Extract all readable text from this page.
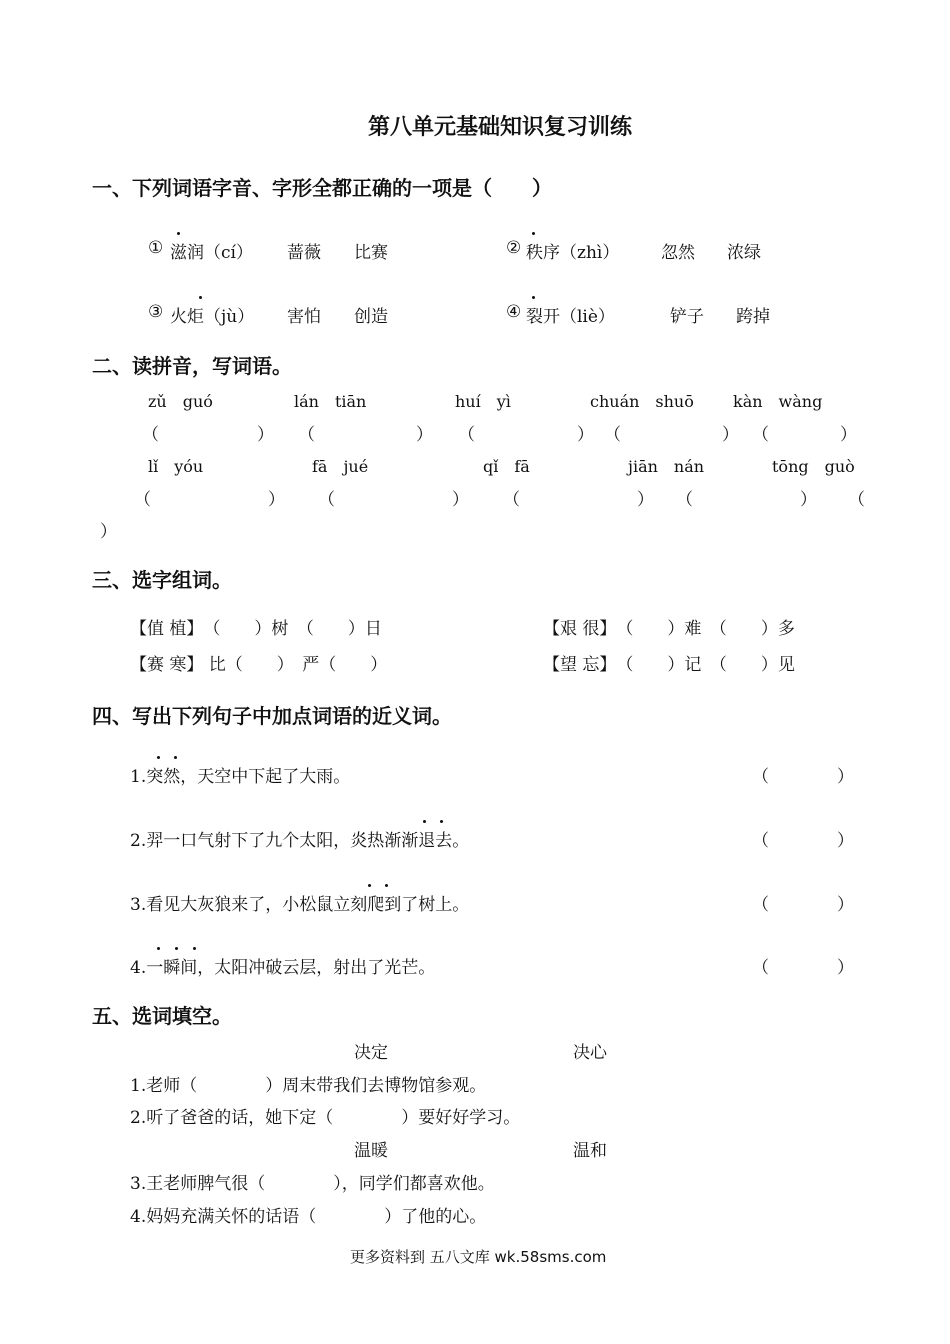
第八单元基础知识复习训练
一、下列词语字音、字形全都正确的一项是（　　）
① 滋润（cí） 蔷薇 比赛	② 秩序（zhì） 忽然 浓绿
③ 火炬（jù） 害怕 创造	④ 裂开（liè）	铲子 跨掉
二、读拼音，写词语。
zǔ　guó	lán　tiān	huí　yì	chuán　shuō kàn　wàng
（	） （	） （	） （	） （	）
lǐ　yóu	fā　jué	qǐ　fā	jiān　nán	tōng　guò
（	） （	） （	） （	） （
）
三、选字组词。
【值 植】　（　　）树　（　　）日	【艰 很】　（　　）难　（　　）多
【赛 寒】 比（　　）　严（　　）	【望 忘】　（　　）记　（　　）见
四、写出下列句子中加点词语的近义词。
1.突然，天空中下起了大雨。	（　　　　）
2.羿一口气射下了九个太阳，炎热渐渐退去。	（　　　　）
3.看见大灰狼来了，小松鼠立刻爬到了树上。	（　　　　）
4.一瞬间，太阳冲破云层，射出了光芒。	（　　　　）
五、选词填空。
决定	决心
1.老师（　　　　）周末带我们去博物馆参观。
2.听了爸爸的话，她下定（　　　　）要好好学习。
温暖	温和
3.王老师脾气很（　　　　），同学们都喜欢他。
4.妈妈充满关怀的话语（　　　　）了他的心。
更多资料到 五八文库 wk.58sms.com
